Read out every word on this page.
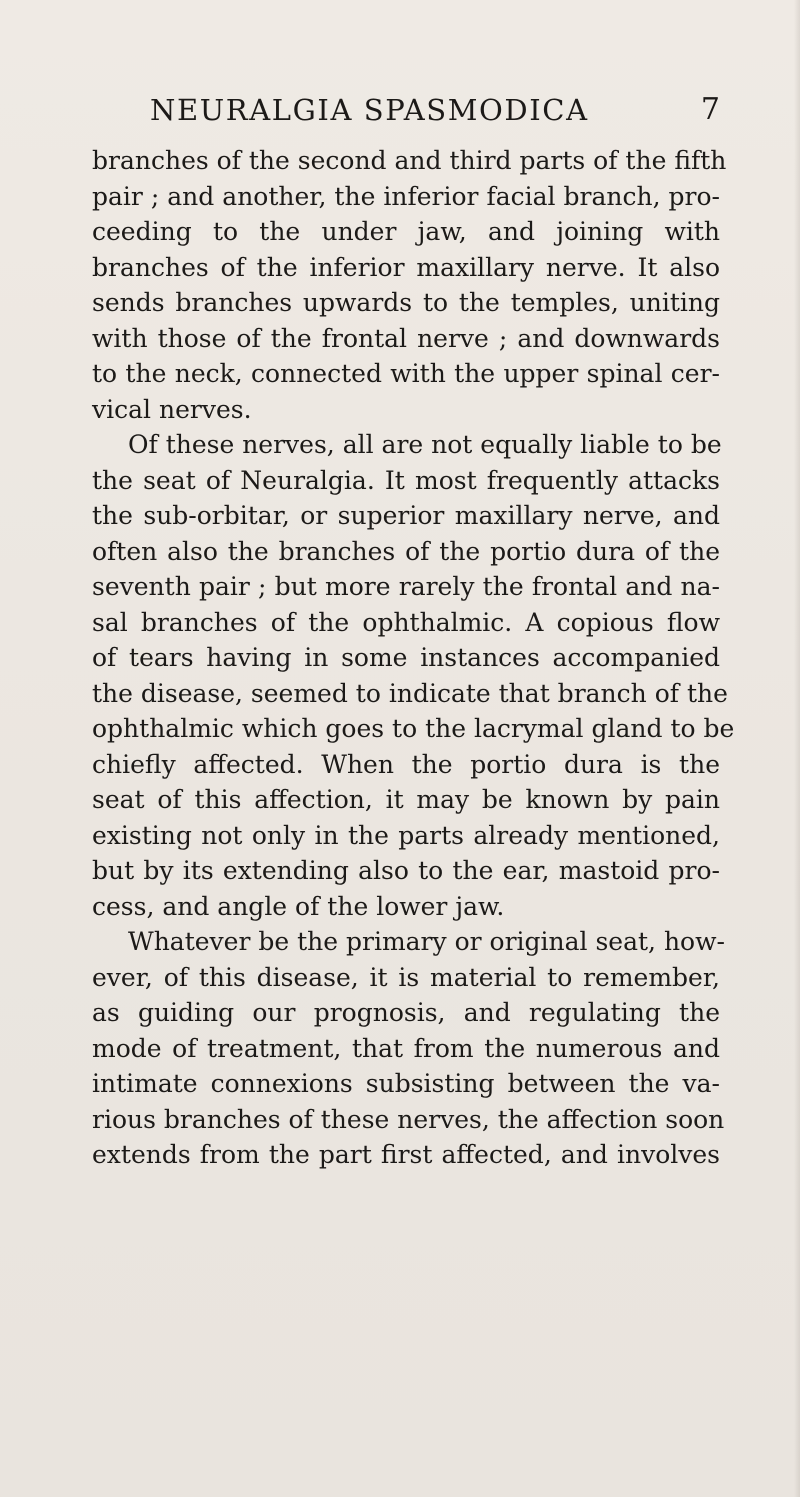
NEURALGIA SPASMODICA	7
branches of the second and third parts of the fifth
pair ; and another, the inferior facial branch, pro-
ceeding to the under jaw, and joining with
branches of the inferior maxillary nerve. It also
sends branches upwards to the temples, uniting
with those of the frontal nerve ; and downwards
to the neck, connected with the upper spinal cer-
vical nerves.
Of these nerves, all are not equally liable to be
the seat of Neuralgia. It most frequently attacks
the sub-orbitar, or superior maxillary nerve, and
often also the branches of the portio dura of the
seventh pair ; but more rarely the frontal and na-
sal branches of the ophthalmic. A copious flow
of tears having in some instances accompanied
the disease, seemed to indicate that branch of the
ophthalmic which goes to the lacrymal gland to be
chiefly affected. When the portio dura is the
seat of this affection, it may be known by pain
existing not only in the parts already mentioned,
but by its extending also to the ear, mastoid pro-
cess, and angle of the lower jaw.
Whatever be the primary or original seat, how-
ever, of this disease, it is material to remember,
as guiding our prognosis, and regulating the
mode of treatment, that from the numerous and
intimate connexions subsisting between the va-
rious branches of these nerves, the affection soon
extends from the part first affected, and involves
